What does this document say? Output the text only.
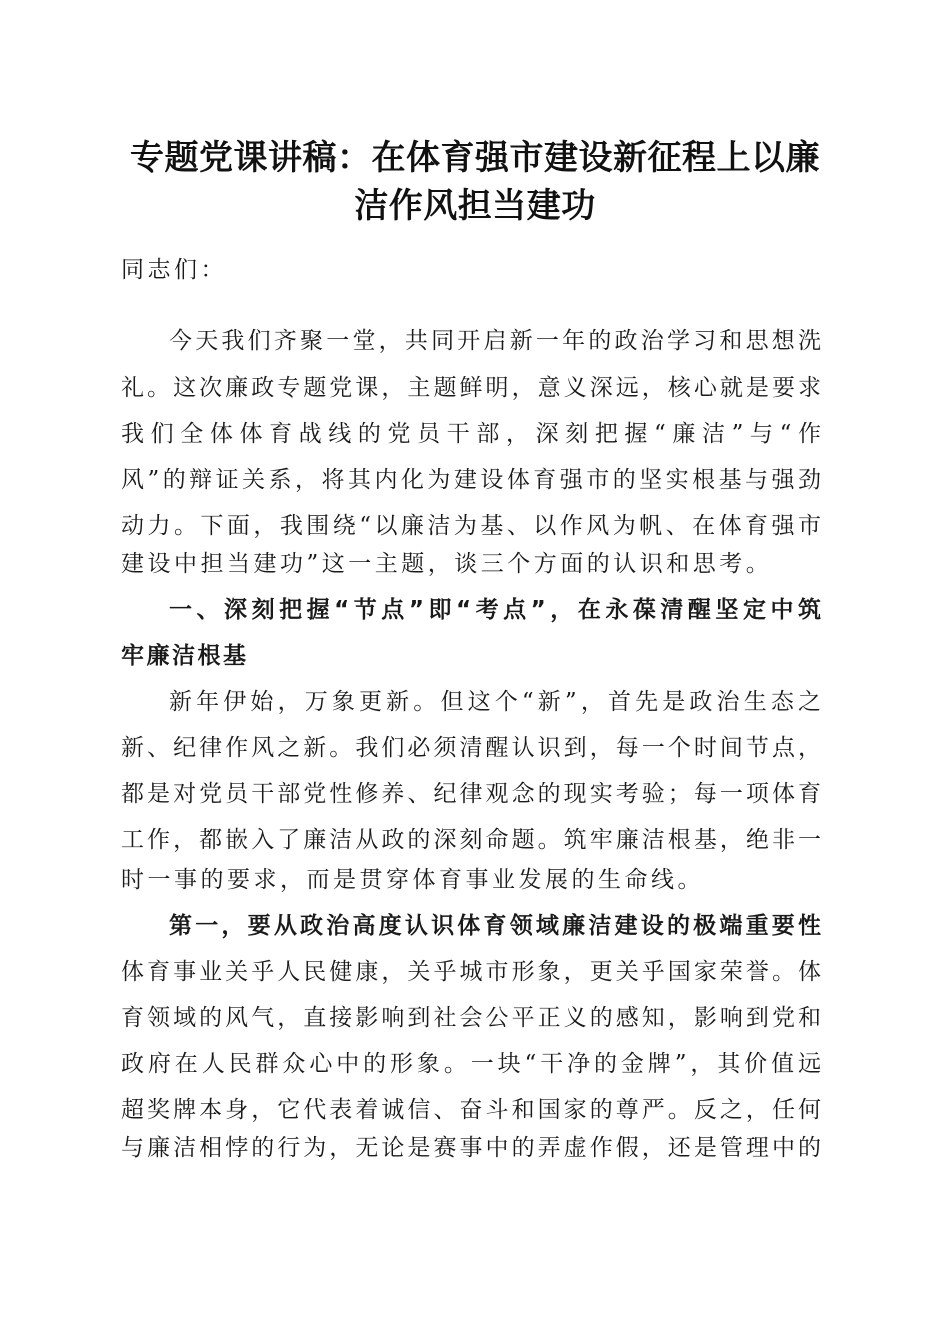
专题党课讲稿：在体育强市建设新征程上以廉
洁作风担当建功
同志们：
今天我们齐聚一堂，共同开启新一年的政治学习和思想洗
礼。这次廉政专题党课，主题鲜明，意义深远，核心就是要求
我们全体体育战线的党员干部，深刻把握“廉洁”与“作
风”的辩证关系，将其内化为建设体育强市的坚实根基与强劲
动力。下面，我围绕“以廉洁为基、以作风为帆、在体育强市
建设中担当建功”这一主题，谈三个方面的认识和思考。
一、深刻把握“节点”即“考点”，在永葆清醒坚定中筑
牢廉洁根基
新年伊始，万象更新。但这个“新”，首先是政治生态之
新、纪律作风之新。我们必须清醒认识到，每一个时间节点，
都是对党员干部党性修养、纪律观念的现实考验；每一项体育
工作，都嵌入了廉洁从政的深刻命题。筑牢廉洁根基，绝非一
时一事的要求，而是贯穿体育事业发展的生命线。
第一，要从政治高度认识体育领域廉洁建设的极端重要性
体育事业关乎人民健康，关乎城市形象，更关乎国家荣誉。体
育领域的风气，直接影响到社会公平正义的感知，影响到党和
政府在人民群众心中的形象。一块“干净的金牌”，其价值远
超奖牌本身，它代表着诚信、奋斗和国家的尊严。反之，任何
与廉洁相悖的行为，无论是赛事中的弄虚作假，还是管理中的
